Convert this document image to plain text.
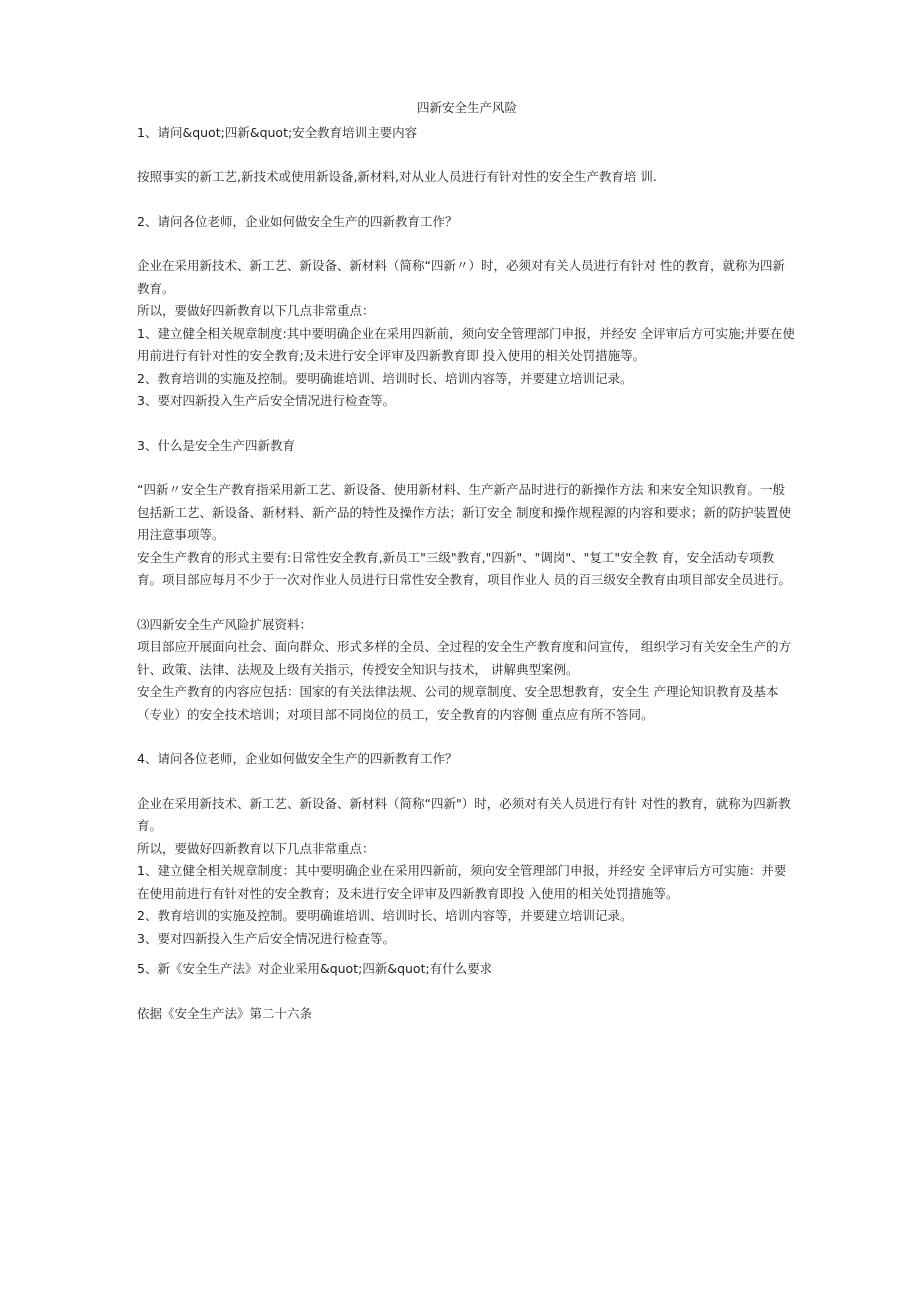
四新安全生产风险

1、请问&quot;四新&quot;安全教育培训主要内容

按照事实的新工艺,新技术或使用新设备,新材料,对从业人员进行有针对性的安全生产教育培 训.

2、请问各位老师，企业如何做安全生产的四新教育工作？

企业在采用新技术、新工艺、新设备、新材料（简称“四新〃）时，必须对有关人员进行有针对 性的教育，就称为四新教育。

所以，要做好四新教育以下几点非常重点：

1、建立健全相关规章制度:其中要明确企业在采用四新前，须向安全管理部门申报，并经安 全评审后方可实施;并要在使用前进行有针对性的安全教育;及未进行安全评审及四新教育即 投入使用的相关处罚措施等。

2、教育培训的实施及控制。要明确谁培训、培训时长、培训内容等，并要建立培训记录。

3、要对四新投入生产后安全情况进行检查等。

3、什么是安全生产四新教育

“四新〃安全生产教育指采用新工艺、新设备、使用新材料、生产新产品时进行的新操作方法 和来安全知识教育。一般包括新工艺、新设备、新材料、新产品的特性及操作方法；新订安全 制度和操作规程源的内容和要求；新的防护装置使用注意事项等。

安全生产教育的形式主要有:日常性安全教育,新员工"三级"教育,"四新"、"调岗"、"复工"安全教 育，安全活动专项教育。项目部应每月不少于一次对作业人员进行日常性安全教育，项目作业人 员的百三级安全教育由项目部安全员进行。

⑶四新安全生产风险扩展资料：

项目部应开展面向社会、面向群众、形式多样的全员、全过程的安全生产教育度和问宣传， 组织学习有关安全生产的方针、政策、法律、法规及上级有关指示，传授安全知识与技术， 讲解典型案例。

安全生产教育的内容应包括：国家的有关法律法规、公司的规章制度、安全思想教育，安全生 产理论知识教育及基本（专业）的安全技术培训；对项目部不同岗位的员工，安全教育的内容侧 重点应有所不答同。

4、请问各位老师，企业如何做安全生产的四新教育工作？

企业在采用新技术、新工艺、新设备、新材料（简称“四新"）时，必须对有关人员进行有针 对性的教育，就称为四新教育。

所以，要做好四新教育以下几点非常重点：

1、建立健全相关规章制度：其中要明确企业在采用四新前，须向安全管理部门申报，并经安 全评审后方可实施：并要在使用前进行有针对性的安全教育；及未进行安全评审及四新教育即投 入使用的相关处罚措施等。

2、教育培训的实施及控制。要明确谁培训、培训时长、培训内容等，并要建立培训记录。

3、要对四新投入生产后安全情况进行检查等。

5、新《安全生产法》对企业采用&quot;四新&quot;有什么要求

依据《安全生产法》第二十六条
